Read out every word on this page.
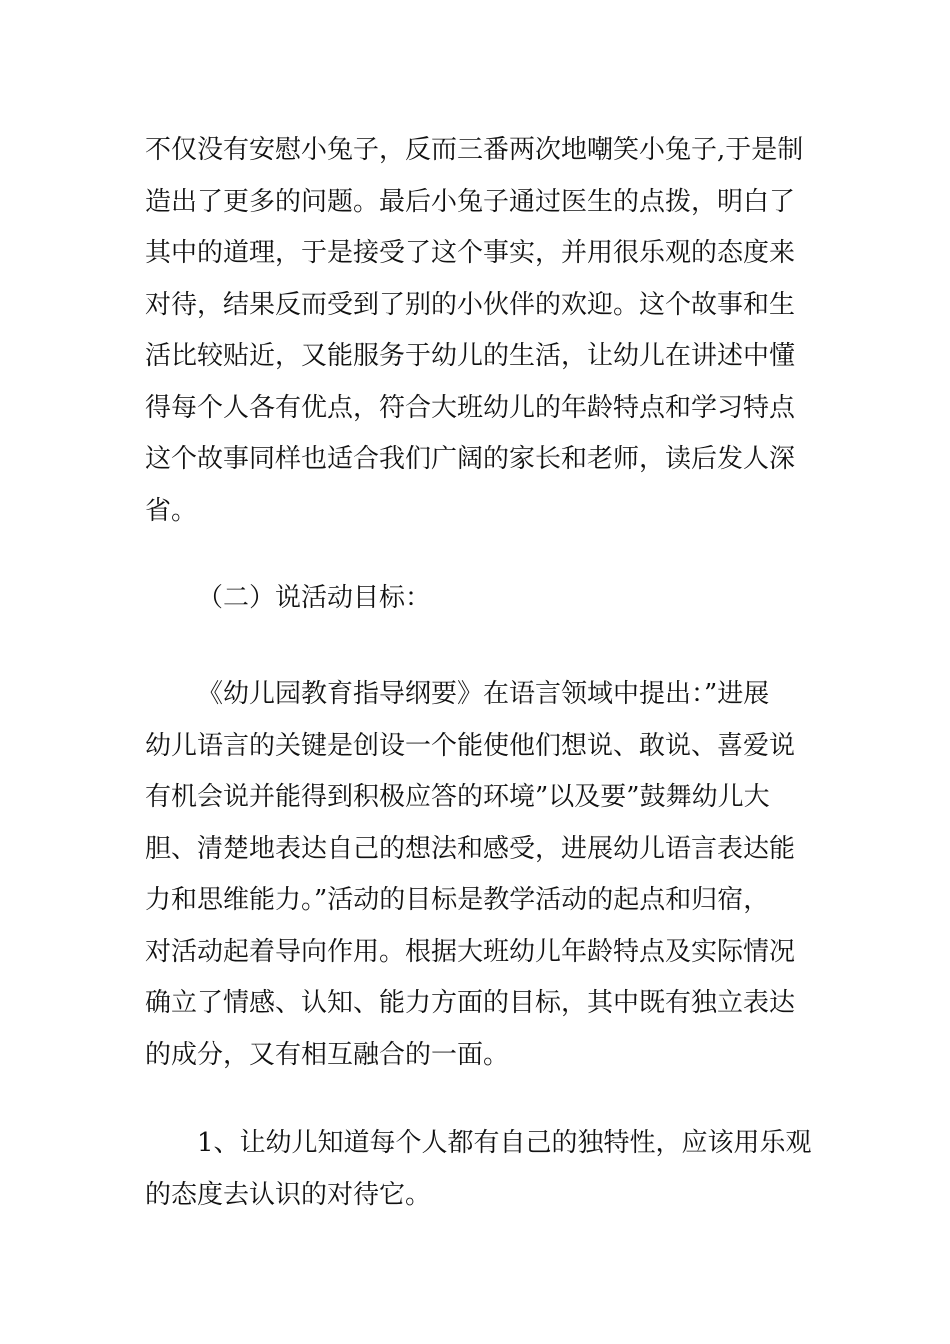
不仅没有安慰小兔子，反而三番两次地嘲笑小兔子,于是制
造出了更多的问题。最后小兔子通过医生的点拨，明白了
其中的道理，于是接受了这个事实，并用很乐观的态度来
对待，结果反而受到了别的小伙伴的欢迎。这个故事和生
活比较贴近，又能服务于幼儿的生活，让幼儿在讲述中懂
得每个人各有优点，符合大班幼儿的年龄特点和学习特点
这个故事同样也适合我们广阔的家长和老师，读后发人深
省。
（二）说活动目标：
《幼儿园教育指导纲要》在语言领域中提出：”进展
幼儿语言的关键是创设一个能使他们想说、敢说、喜爱说
有机会说并能得到积极应答的环境”以及要”鼓舞幼儿大
胆、清楚地表达自己的想法和感受，进展幼儿语言表达能
力和思维能力。”活动的目标是教学活动的起点和归宿，
对活动起着导向作用。根据大班幼儿年龄特点及实际情况
确立了情感、认知、能力方面的目标，其中既有独立表达
的成分，又有相互融合的一面。
1、让幼儿知道每个人都有自己的独特性，应该用乐观
的态度去认识的对待它。
